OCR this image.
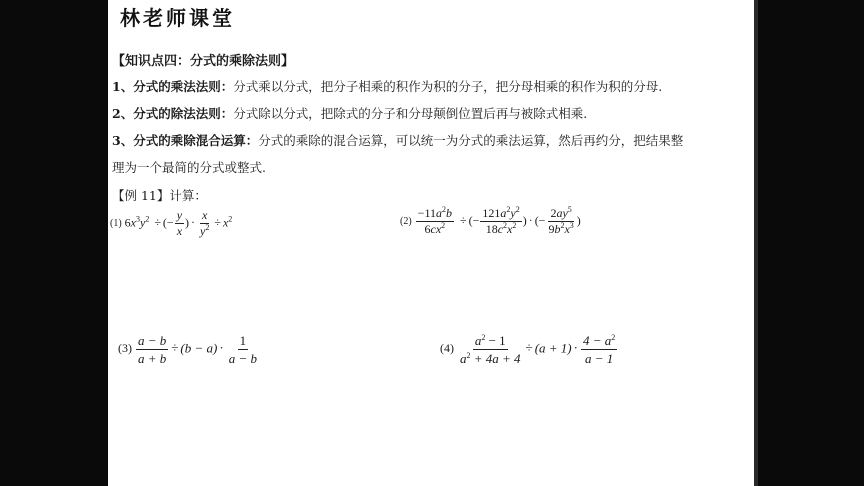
林老师课堂
【知识点四：分式的乘除法则】
1、分式的乘法法则：分式乘以分式，把分子相乘的积作为积的分子，把分母相乘的积作为积的分母.
2、分式的除法法则：分式除以分式，把除式的分子和分母颠倒位置后再与被除式相乘.
3、分式的乘除混合运算：分式的乘除的混合运算，可以统一为分式的乘法运算，然后再约分，把结果整
理为一个最简的分式或整式.
【例 11】计算：
(1) $6x^3y^2$ ÷ (− $\frac{y}{x}$ ) · $\frac{x}{y^2} \div x^2$	$(2) \frac{-11a^2b}{6cx^2}$ ÷ (− $\frac{121a^2y^2}{18c^2x^2}$ ) · (− $\frac{2ay^5}{9b^2x^3}$ )
$(3) \frac{a - b}{a + b} \div (b - a) \cdot \frac{1}{a - b}$	$(4) \frac{a^2 - 1}{a^2 + 4a + 4} \div (a + 1) \cdot \frac{4 - a^2}{a - 1}$
